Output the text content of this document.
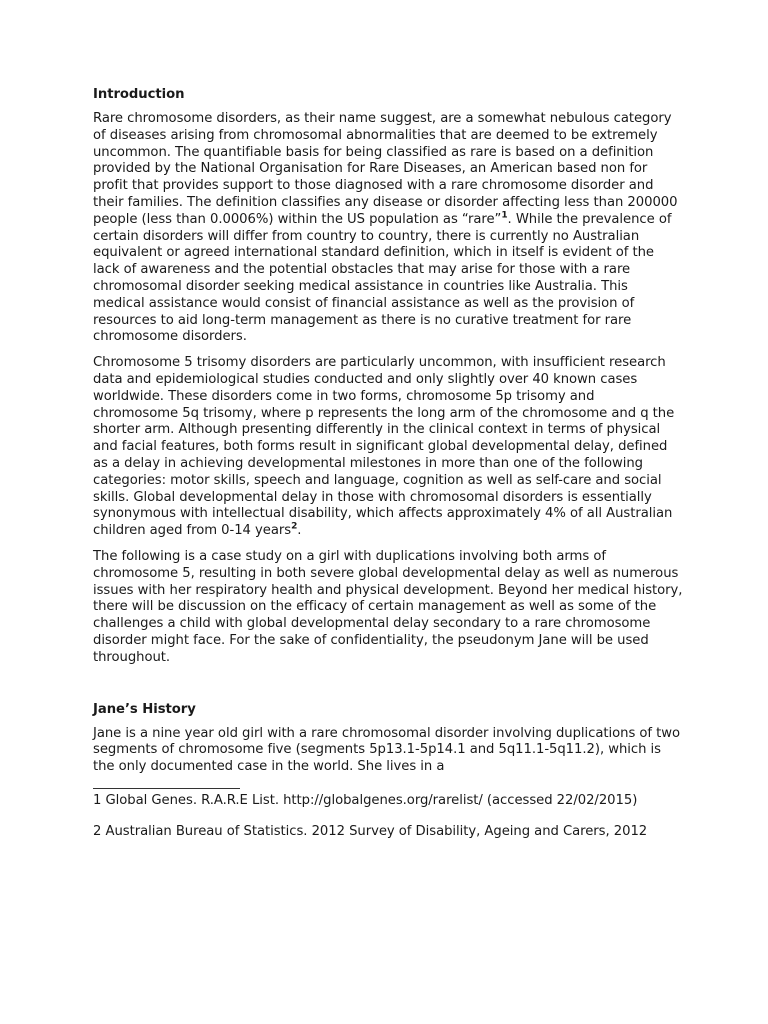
Introduction

Rare chromosome disorders, as their name suggest, are a somewhat nebulous category of diseases arising from chromosomal abnormalities that are deemed to be extremely uncommon. The quantifiable basis for being classified as rare is based on a definition provided by the National Organisation for Rare Diseases, an American based non for profit that provides support to those diagnosed with a rare chromosome disorder and their families. The definition classifies any disease or disorder affecting less than 200000 people (less than 0.0006%) within the US population as “rare”$^1$. While the prevalence of certain disorders will differ from country to country, there is currently no Australian equivalent or agreed international standard definition, which in itself is evident of the lack of awareness and the potential obstacles that may arise for those with a rare chromosomal disorder seeking medical assistance in countries like Australia. This medical assistance would consist of financial assistance as well as the provision of resources to aid long-term management as there is no curative treatment for rare chromosome disorders.

Chromosome 5 trisomy disorders are particularly uncommon, with insufficient research data and epidemiological studies conducted and only slightly over 40 known cases worldwide. These disorders come in two forms, chromosome 5p trisomy and chromosome 5q trisomy, where p represents the long arm of the chromosome and q the shorter arm. Although presenting differently in the clinical context in terms of physical and facial features, both forms result in significant global developmental delay, defined as a delay in achieving developmental milestones in more than one of the following categories: motor skills, speech and language, cognition as well as self-care and social skills. Global developmental delay in those with chromosomal disorders is essentially synonymous with intellectual disability, which affects approximately 4% of all Australian children aged from 0-14 years$^2$.

The following is a case study on a girl with duplications involving both arms of chromosome 5, resulting in both severe global developmental delay as well as numerous issues with her respiratory health and physical development. Beyond her medical history, there will be discussion on the efficacy of certain management as well as some of the challenges a child with global developmental delay secondary to a rare chromosome disorder might face. For the sake of confidentiality, the pseudonym Jane will be used throughout.

Jane’s History

Jane is a nine year old girl with a rare chromosomal disorder involving duplications of two segments of chromosome five (segments 5p13.1-5p14.1 and 5q11.1-5q11.2), which is the only documented case in the world. She lives in a

1 Global Genes. R.A.R.E List. http://globalgenes.org/rarelist/ (accessed 22/02/2015)

2 Australian Bureau of Statistics. 2012 Survey of Disability, Ageing and Carers, 2012
